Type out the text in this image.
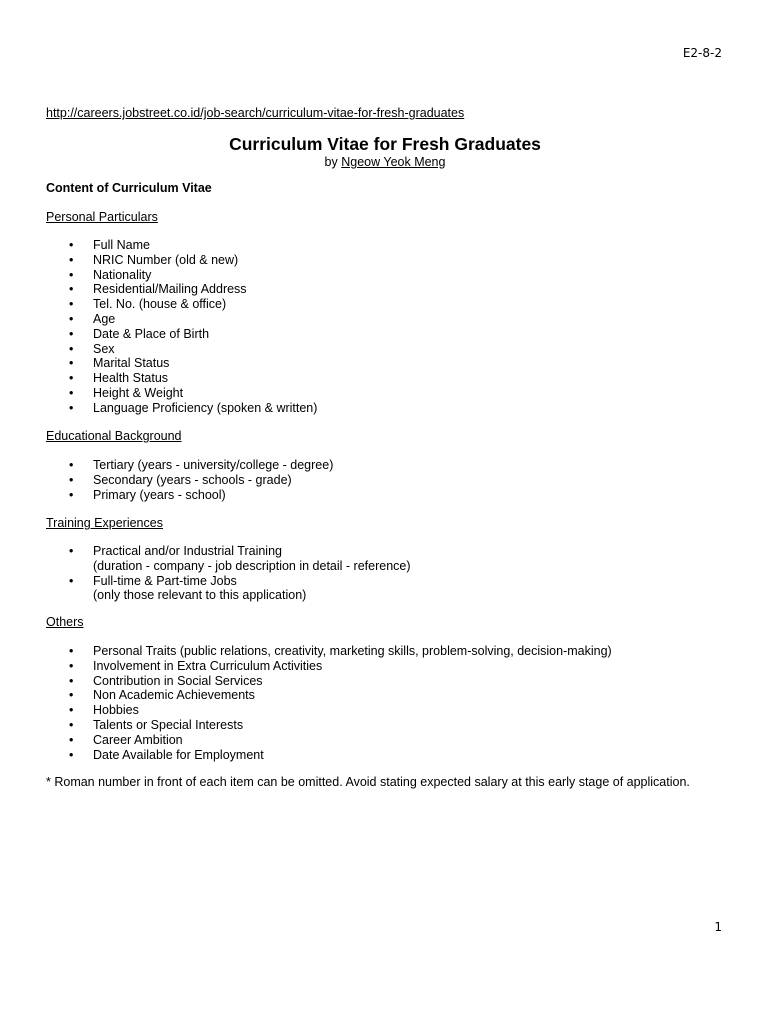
E2-8-2
http://careers.jobstreet.co.id/job-search/curriculum-vitae-for-fresh-graduates
Curriculum Vitae for Fresh Graduates
by Ngeow Yeok Meng
Content of Curriculum Vitae
Personal Particulars
• Full Name
• NRIC Number (old & new)
• Nationality
• Residential/Mailing Address
• Tel. No. (house & office)
• Age
• Date & Place of Birth
• Sex
• Marital Status
• Health Status
• Height & Weight
• Language Proficiency (spoken & written)
Educational Background
• Tertiary (years - university/college - degree)
• Secondary (years - schools - grade)
• Primary (years - school)
Training Experiences
• Practical and/or Industrial Training
(duration - company - job description in detail - reference)
• Full-time & Part-time Jobs
(only those relevant to this application)
Others
• Personal Traits (public relations, creativity, marketing skills, problem-solving, decision-making)
• Involvement in Extra Curriculum Activities
• Contribution in Social Services
• Non Academic Achievements
• Hobbies
• Talents or Special Interests
• Career Ambition
• Date Available for Employment
* Roman number in front of each item can be omitted. Avoid stating expected salary at this early stage of application.
1
